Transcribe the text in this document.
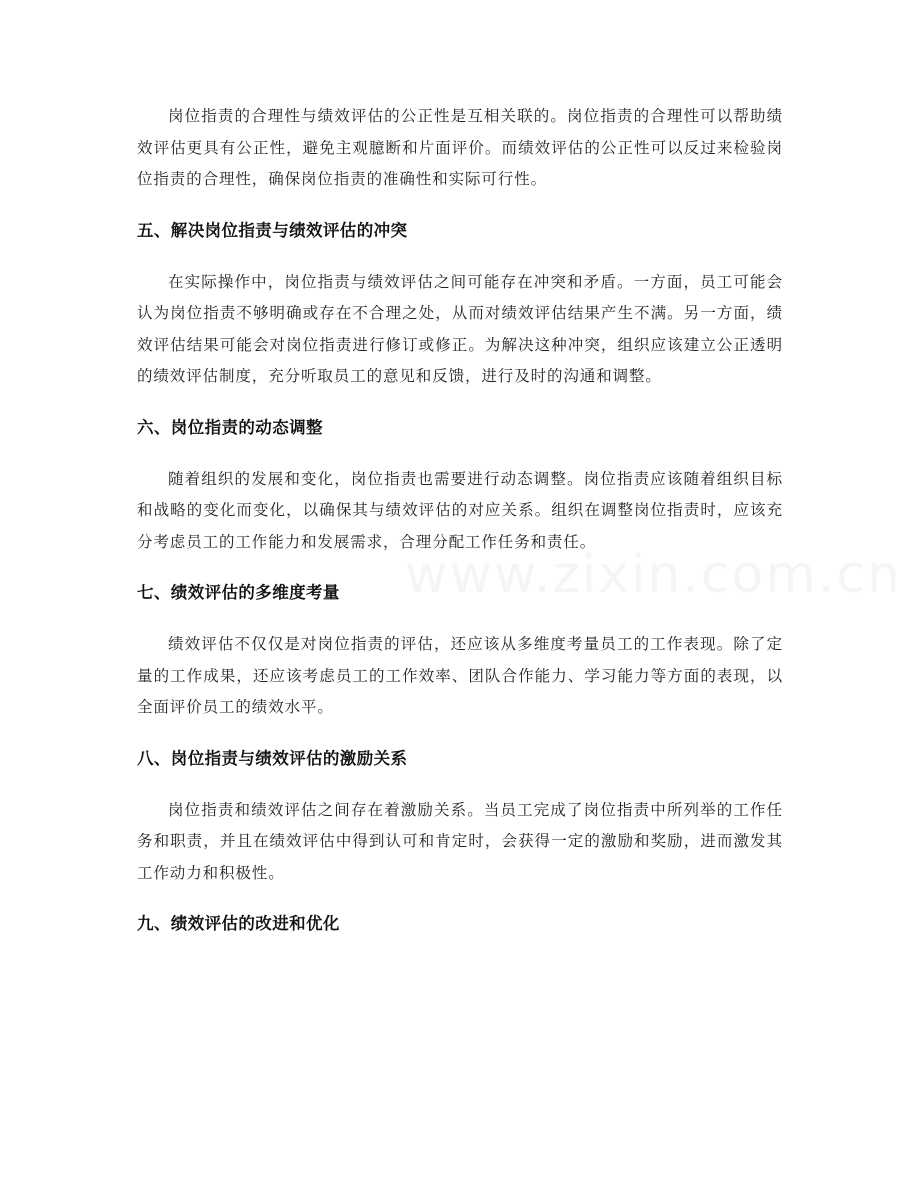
岗位指责的合理性与绩效评估的公正性是互相关联的。岗位指责的合理性可以帮助绩效评估更具有公正性，避免主观臆断和片面评价。而绩效评估的公正性可以反过来检验岗位指责的合理性，确保岗位指责的准确性和实际可行性。

五、解决岗位指责与绩效评估的冲突

在实际操作中，岗位指责与绩效评估之间可能存在冲突和矛盾。一方面，员工可能会认为岗位指责不够明确或存在不合理之处，从而对绩效评估结果产生不满。另一方面，绩效评估结果可能会对岗位指责进行修订或修正。为解决这种冲突，组织应该建立公正透明的绩效评估制度，充分听取员工的意见和反馈，进行及时的沟通和调整。

六、岗位指责的动态调整

随着组织的发展和变化，岗位指责也需要进行动态调整。岗位指责应该随着组织目标和战略的变化而变化，以确保其与绩效评估的对应关系。组织在调整岗位指责时，应该充分考虑员工的工作能力和发展需求，合理分配工作任务和责任。

七、绩效评估的多维度考量

绩效评估不仅仅是对岗位指责的评估，还应该从多维度考量员工的工作表现。除了定量的工作成果，还应该考虑员工的工作效率、团队合作能力、学习能力等方面的表现，以全面评价员工的绩效水平。

八、岗位指责与绩效评估的激励关系

岗位指责和绩效评估之间存在着激励关系。当员工完成了岗位指责中所列举的工作任务和职责，并且在绩效评估中得到认可和肯定时，会获得一定的激励和奖励，进而激发其工作动力和积极性。

九、绩效评估的改进和优化
www.zixin.com.cn
